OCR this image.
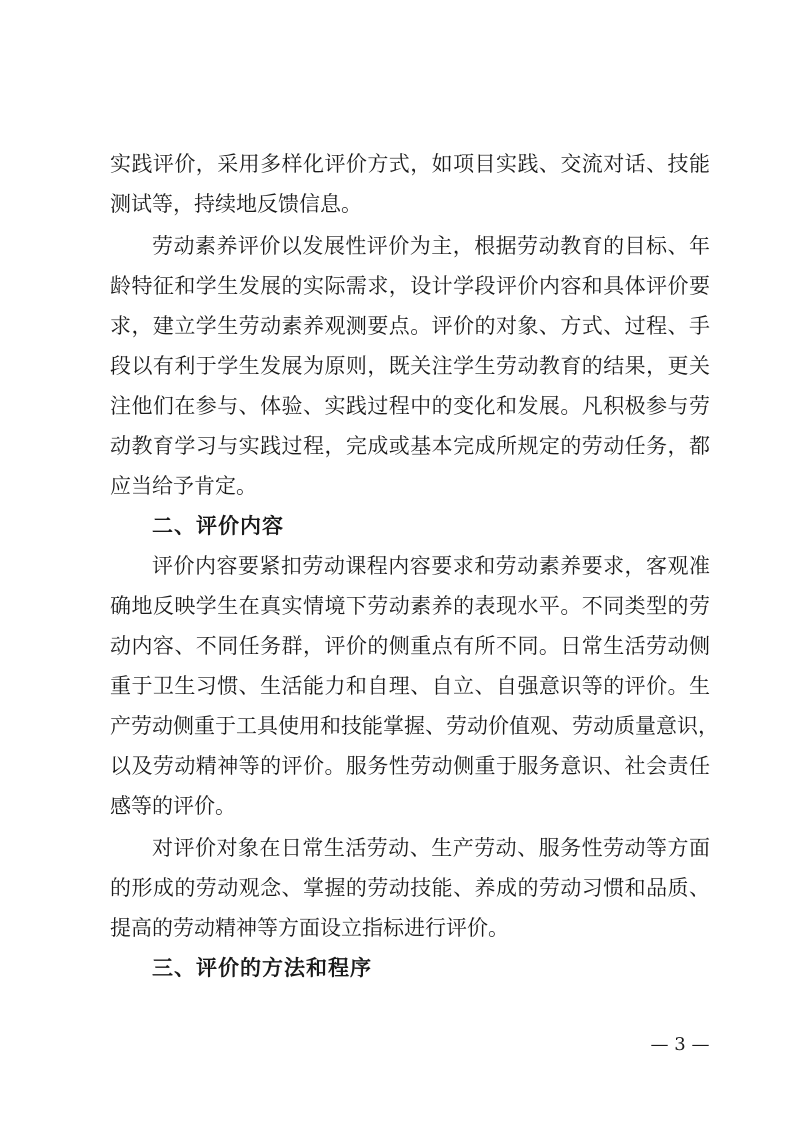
实践评价，采用多样化评价方式，如项目实践、交流对话、技能
测试等，持续地反馈信息。
劳动素养评价以发展性评价为主，根据劳动教育的目标、年
龄特征和学生发展的实际需求，设计学段评价内容和具体评价要
求，建立学生劳动素养观测要点。评价的对象、方式、过程、手
段以有利于学生发展为原则，既关注学生劳动教育的结果，更关
注他们在参与、体验、实践过程中的变化和发展。凡积极参与劳
动教育学习与实践过程，完成或基本完成所规定的劳动任务，都
应当给予肯定。
二、评价内容
评价内容要紧扣劳动课程内容要求和劳动素养要求，客观准
确地反映学生在真实情境下劳动素养的表现水平。不同类型的劳
动内容、不同任务群，评价的侧重点有所不同。日常生活劳动侧
重于卫生习惯、生活能力和自理、自立、自强意识等的评价。生
产劳动侧重于工具使用和技能掌握、劳动价值观、劳动质量意识，
以及劳动精神等的评价。服务性劳动侧重于服务意识、社会责任
感等的评价。
对评价对象在日常生活劳动、生产劳动、服务性劳动等方面
的形成的劳动观念、掌握的劳动技能、养成的劳动习惯和品质、
提高的劳动精神等方面设立指标进行评价。
三、评价的方法和程序
— 3 —
